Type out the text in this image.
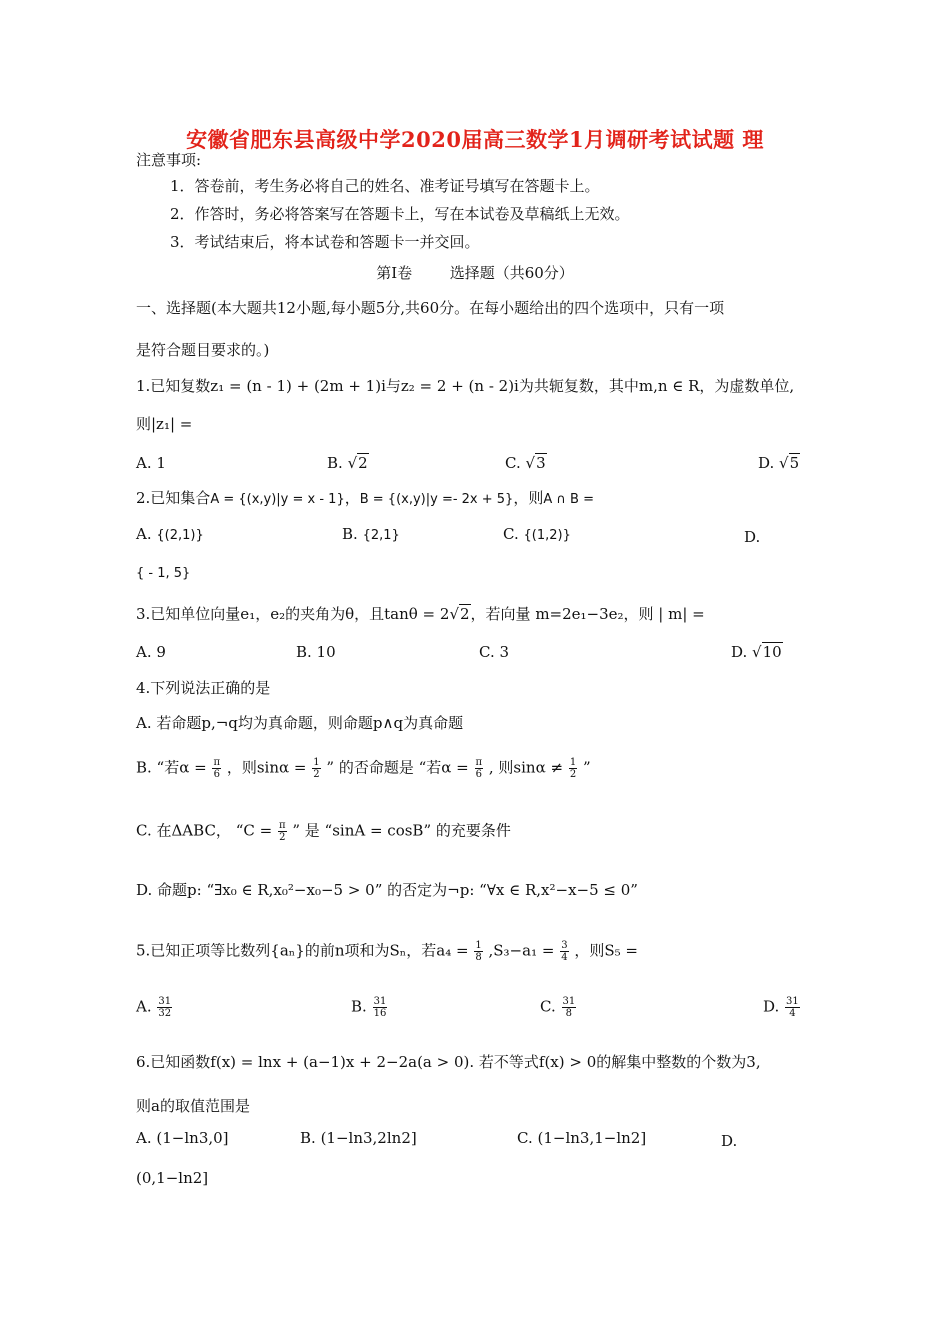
安徽省肥东县高级中学2020届高三数学1月调研考试试题 理
注意事项:
1．答卷前，考生务必将自己的姓名、准考证号填写在答题卡上。
2．作答时，务必将答案写在答题卡上，写在本试卷及草稿纸上无效。
3．考试结束后，将本试卷和答题卡一并交回。
第Ⅰ卷	选择题（共60分）
一、选择题(本大题共12小题,每小题5分,共60分。在每小题给出的四个选项中，只有一项
是符合题目要求的。)
1.已知复数z₁ = (n - 1) + (2m + 1)i与z₂ = 2 + (n - 2)i为共轭复数，其中m,n ∈ R，为虚数单位,
则|z₁| =
A. 1	B. √2	C. √3	D. √5
2.已知集合A = {(x,y)|y = x - 1}，B = {(x,y)|y =- 2x + 5}，则A ∩ B =
A. {(2,1)}	B. {2,1}	C. {(1,2)}	D.
{ - 1, 5}
3.已知单位向量e₁，e₂的夹角为θ，且tanθ = 2√2，若向量 m=2e₁−3e₂，则 | m| =
A. 9	B. 10	C. 3	D. √10
4.下列说法正确的是
A. 若命题p,¬q均为真命题，则命题p∧q为真命题
B. “若$\alpha = \frac{\pi}{6}$ ，则$\sin\alpha = \frac{1}{2}$ ” 的否命题是 “若$\alpha = \frac{\pi}{6}$ , 则$\sin\alpha \ne \frac{1}{2}$ ”
C. 在ΔABC， “$C = \frac{\pi}{2}$ ” 是 “sinA = cosB” 的充要条件
D. 命题p: “∃x₀ ∈ R,x₀²−x₀−5 > 0” 的否定为¬p: “∀x ∈ R,x²−x−5 ≤ 0”
5.已知正项等比数列{aₙ}的前n项和为Sₙ，若$a_4 = \frac{1}{8} ,S_3-a_1 = \frac{3}{4}$ ，则S₅ =
A. $\frac{31}{32}$	B. $\frac{31}{16}$	C. $\frac{31}{8}$	D. $\frac{31}{4}$
6.已知函数f(x) = lnx + (a−1)x + 2−2a(a > 0). 若不等式f(x) > 0的解集中整数的个数为3,
则a的取值范围是
A. (1−ln3,0]	B. (1−ln3,2ln2]	C. (1−ln3,1−ln2]	D.
(0,1−ln2]
